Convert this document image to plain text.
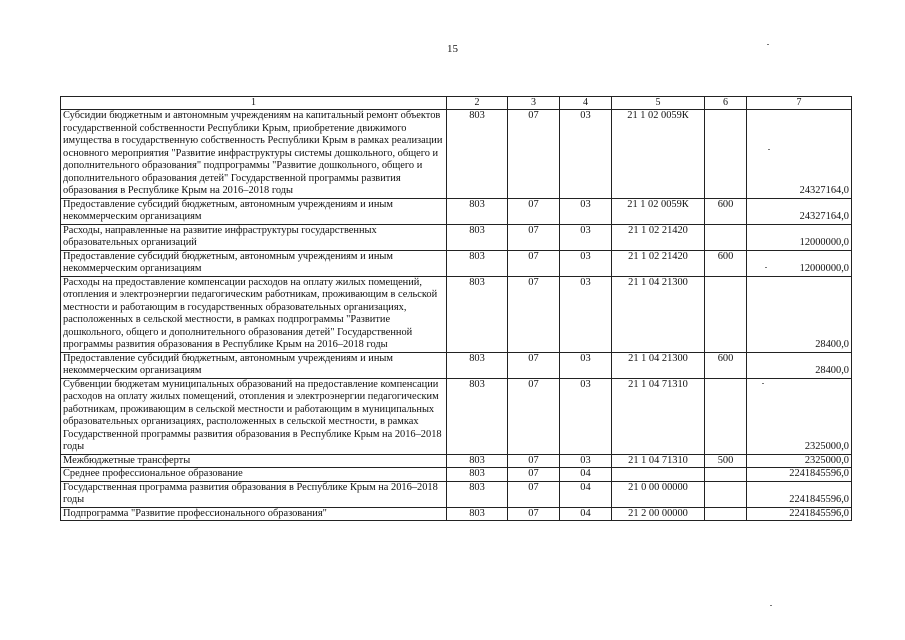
15
1	2	3	4	5	6	7
Субсидии бюджетным и автономным учреждениям на капитальный ремонт объектов государственной собственности Республики Крым, приобретение движимого имущества в государственную собственность Республики Крым в рамках реализации основного мероприятия "Развитие инфраструктуры системы дошкольного, общего и дополнительного образования" подпрограммы "Развитие дошкольного, общего и дополнительного образования детей" Государственной программы развития образования в Республике Крым на 2016–2018 годы	803	07	03	21 1 02 0059К		24327164,0
Предоставление субсидий бюджетным, автономным учреждениям и иным некоммерческим организациям	803	07	03	21 1 02 0059К	600	24327164,0
Расходы, направленные на развитие инфраструктуры государственных образовательных организаций	803	07	03	21 1 02 21420		12000000,0
Предоставление субсидий бюджетным, автономным учреждениям и иным некоммерческим организациям	803	07	03	21 1 02 21420	600	12000000,0
Расходы на предоставление компенсации расходов на оплату жилых помещений, отопления и электроэнергии педагогическим работникам, проживающим в сельской местности и работающим в государственных образовательных организациях, расположенных в сельской местности, в рамках подпрограммы "Развитие дошкольного, общего и дополнительного образования детей" Государственной программы развития образования в Республике Крым на 2016–2018 годы	803	07	03	21 1 04 21300		28400,0
Предоставление субсидий бюджетным, автономным учреждениям и иным некоммерческим организациям	803	07	03	21 1 04 21300	600	28400,0
Субвенции бюджетам муниципальных образований на предоставление компенсации расходов на оплату жилых помещений, отопления и электроэнергии педагогическим работникам, проживающим в сельской местности и работающим в муниципальных образовательных организациях, расположенных в сельской местности, в рамках Государственной программы развития образования в Республике Крым на 2016–2018 годы	803	07	03	21 1 04 71310		2325000,0
Межбюджетные трансферты	803	07	03	21 1 04 71310	500	2325000,0
Среднее профессиональное образование	803	07	04			2241845596,0
Государственная программа развития образования в Республике Крым на 2016–2018 годы	803	07	04	21 0 00 00000		2241845596,0
Подпрограмма "Развитие профессионального образования"	803	07	04	21 2 00 00000		2241845596,0
